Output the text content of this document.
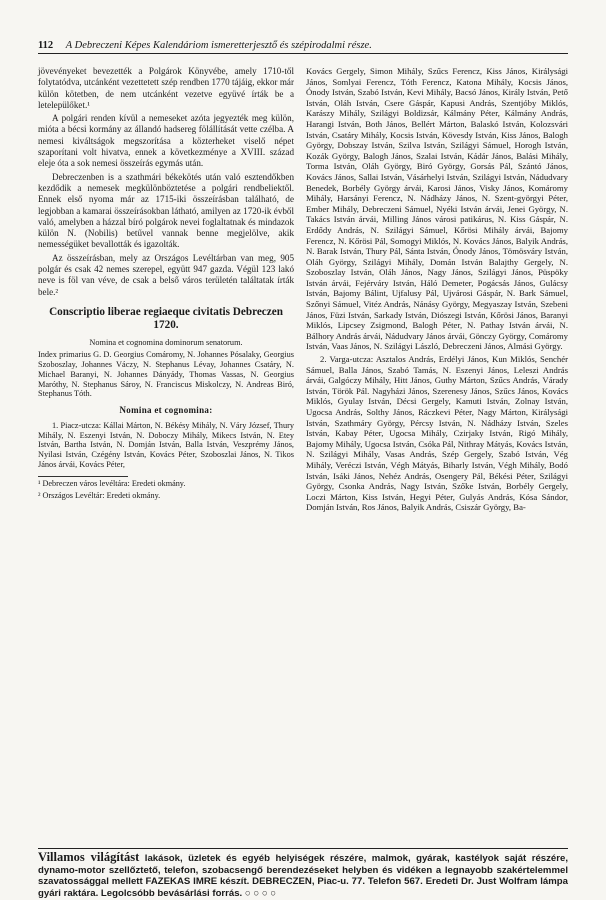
112 A Debreczeni Képes Kalendáriom ismeretterjesztő és szépirodalmi része.

jövevényeket bevezették a Polgárok Könyvébe, amely 1710-től folytatódva, utcánként vezettetett szép rendben 1770 tájáig, ekkor már külön kötetben, de nem utcánként vezetve együvé írták be a letelepülőket.¹

A polgári renden kívül a nemeseket azóta jegyezték meg külön, mióta a bécsi kormány az állandó hadsereg fölállítását vette czélba. A nemesi kiváltságok megszorítása a közterheket viselő népet szaporítani volt hivatva, ennek a következménye a XVIII. század eleje óta a sok nemesi összeírás egymás után.

Debreczenben is a szathmári békekötés után való esztendőkben kezdődik a nemesek megkülönböztetése a polgári rendbeliektől. Ennek első nyoma már az 1715-iki összeírásban található, de legjobban a kamarai összeírásokban látható, amilyen az 1720-ik évből való, amelyben a házzal bíró polgárok nevei foglaltatnak és mindazok külön N. (Nobilis) betűvel vannak benne megjelölve, akik nemességüket bevallották és igazolták.

Az összeírásban, mely az Országos Levéltárban van meg, 905 polgár és csak 42 nemes szerepel, együtt 947 gazda. Végül 123 lakó neve is föl van véve, de csak a belső város területén találtatak írták bele.²

Conscriptio liberae regiaeque civitatis Debreczen 1720.

Nomina et cognomina dominorum senatorum.

Index primarius G. D. Georgius Comáromy, N. Johannes Pósalaky, Georgius Szoboszlay, Johannes Váczy, N. Stephanus Lévay, Johannes Csatáry, N. Michael Baranyi, N. Johannes Dányády, Thomas Vassas, N. Georgius Maróthy, N. Stephanus Sároy, N. Franciscus Miskolczy, N. Andreas Biró, Stephanus Tóth.

Nomina et cognomina:

1. Piacz-utcza: Kállai Márton, N. Békésy Mihály, N. Váry József, Thury Mihály, N. Eszenyi István, N. Doboczy Mihály, Mikecs István, N. Etey István, Bartha István, N. Domján István, Balla István, Veszprémy János, Nyilasi István, Czégény István, Kovács Péter, Szoboszlai János, N. Tikos János árvái, Kovács Péter,

¹ Debreczen város levéltára: Eredeti okmány.
² Országos Levéltár: Eredeti okmány.

Kovács Gergely, Simon Mihály, Szűcs Ferencz, Kiss János, Királysági János, Somlyai Ferencz, Tóth Ferencz, Katona Mihály, Kocsis János, Ónody István, Szabó István, Kevi Mihály, Bacsó János, Király István, Pető István, Oláh István, Csere Gáspár, Kapusi András, Szentjóby Miklós, Karászy Mihály, Szilágyi Boldizsár, Kálmány Péter, Kálmány András, Harangi István, Both János, Bellért Márton, Balaskó István, Kolozsvári István, Csatáry Mihály, Kocsis István, Kövesdy István, Kiss János, Balogh György, Dobszay István, Szilva István, Szilágyi Sámuel, Horogh István, Kozák György, Balogh János, Szalai István, Kádár János, Balási Mihály, Torma István, Oláh György, Biró György, Gorsás Pál, Szántó János, Kovács János, Sallai István, Vásárhelyi István, Szilágyi István, Nádudvary Benedek, Borbély György árvái, Karosi János, Visky János, Komáromy Mihály, Harsányi Ferencz, N. Nádházy János, N. Szent-györgyi Péter, Ember Mihály, Debreczeni Sámuel, Nyéki István árvái, Jenei György, N. Takács István árvái, Milling János városi patikárus, N. Kiss Gáspár, N. Erdődy András, N. Szilágyi Sámuel, Kőrösi Mihály árvái, Bajomy Ferencz, N. Kőrösi Pál, Somogyi Miklós, N. Kovács János, Balyik András, N. Barak István, Thury Pál, Sánta István, Ónody János, Tömösváry István, Oláh György, Szilágyi Mihály, Domán István Balajthy Gergely, N. Szoboszlay István, Oláh János, Nagy János, Szilágyi János, Püspöky István árvái, Fejérváry István, Háló Demeter, Pogácsás János, Gulácsy István, Bajomy Bálint, Ujfalusy Pál, Ujvárosi Gáspár, N. Bark Sámuel, Szőnyi Sámuel, Vitéz András, Nánásy György, Megyaszay István, Szebeni János, Füzi István, Sarkady István, Diószegi István, Kőrösi János, Baranyi Miklós, Lipcsey Zsigmond, Balogh Péter, N. Pathay István árvái, N. Bálhory András árvái, Nádudvary János árvái, Gönczy György, Comáromy István, Vaas János, N. Szilágyi László, Debreczeni János, Almási György.

2. Varga-utcza: Asztalos András, Erdélyi János, Kun Miklós, Senchér Sámuel, Balla János, Szabó Tamás, N. Eszenyi János, Leleszi András árvái, Galgóczy Mihály, Hitt János, Guthy Márton, Szűcs András, Várady István, Török Pál. Nagyházi János, Szerenesy János, Szűcs János, Kovács Miklós, Gyulay István, Décsi Gergely, Kamuti István, Zolnay István, Ugocsa András, Solthy János, Ráczkevi Péter, Nagy Márton, Királysági István, Szathmáry György, Pércsy István, N. Nádházy István, Szeles István, Kabay Péter, Ugocsa Mihály, Czirjaky István, Rigó Mihály, Bajomy Mihály, Ugocsa István, Csóka Pál, Nithray Mátyás, Kovács István, N. Szilágyi Mihály, Vasas András, Szép Gergely, Szabó István, Vég Mihály, Veréczi István, Végh Mátyás, Biharly István, Végh Mihály, Bodó István, Isáki János, Nehéz András, Osengery Pál, Békési Péter, Szilágyi György, Csonka András, Nagy István, Szőke István, Borbély Gergely, Loczi Márton, Kiss István, Hegyi Péter, Gulyás András, Kósa Sándor, Domján István, Ros János, Balyik András, Csiszár György, Ba-

Villamos világítást lakások, üzletek és egyéb helyiségek részére, malmok, gyárak, kastélyok saját részére, dynamo-motor szellőztető, telefon, szobacsengő berendezéseket helyben és vidéken a legnayobb szakértelemmel szavatossággal mellett FAZEKAS IMRE készít. DEBRECZEN, Piac-u. 77. Telefon 567. Eredeti Dr. Just Wolfram lámpa gyári raktára. Legolcsóbb bevásárlási forrás. ○ ○ ○ ○
